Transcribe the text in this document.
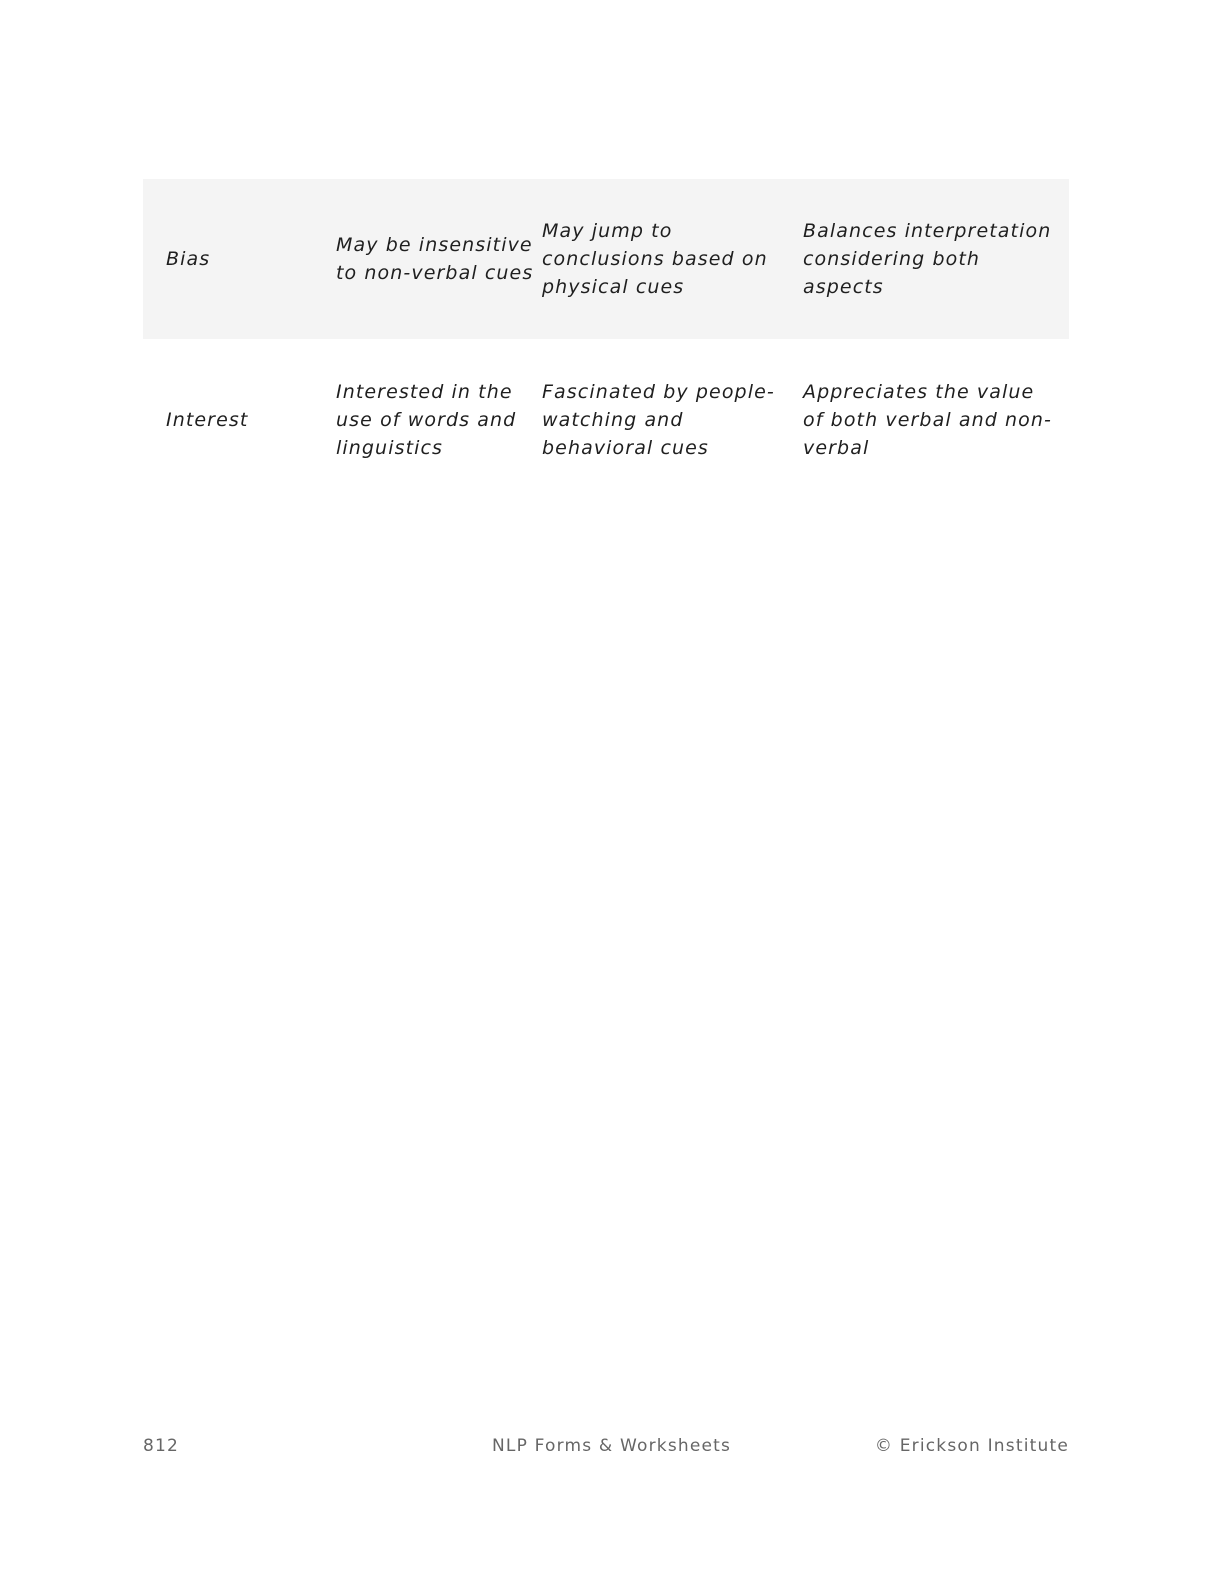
Bias
May be insensitive to non-verbal cues
May jump to conclusions based on physical cues
Balances interpretation considering both aspects
Interest
Interested in the use of words and linguistics
Fascinated by people-watching and behavioral cues
Appreciates the value of both verbal and non-verbal
812	NLP Forms & Worksheets	© Erickson Institute
